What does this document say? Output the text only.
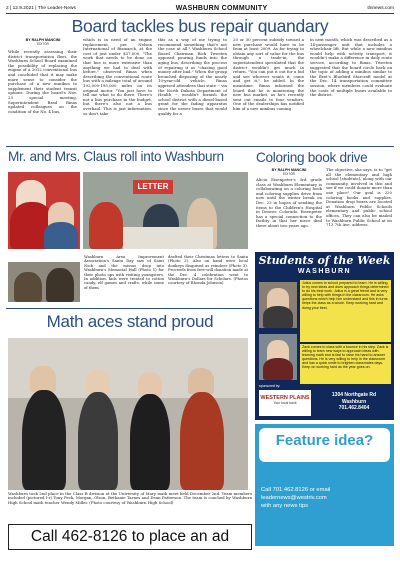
2 | 12.9.2021 | The Leader-News	WASHBURN COMMUNITY	tlnnews.com
Board tackles bus repair quandary
BY RALPH MANCINI
EDITOR
While recently assessing their district transportation fleet, the Washburn School Board examined the possibility of replacing the engine of a 2012 conventional bus and concluded that it may make more sense to consider the purchase of a new minibus to supplement their student transit options. During the board's Nov. 23 special meeting, Superintendent Brad Rinas updated colleagues on the condition of the No. 4 bus,
which is in need of an engine replacement, per Nelson International of Bismarck, at the cost of just under $37,000. "The work that needs to be done on that bus is more extensive than anything we had to deal with before," observed Rinas when describing the conventional route bus with a mileage total of around 192,000-195,000 miles on its original motor. "You just have to tell me what to do there. There's not a bus purchase in the budget, but there's also not a bus overhaul. This is just information, so don't take
this as a way of me trying to recommend something that's not the case at all." Washburn School Board Chairman Rick Tweeten opposed pouring funds into the aging bus, describing the process of repairing it as "chasing good money after bad." When the group broached disposing of the nearly 10-year-old vehicle, Rinas apprised attendees that state -- via the North Dakota Department of Health -- wouldn't furnish the school district with a diesel-based grant for the fading apparatus since the newer buses that would qualify for a
20 or 30 percent subsidy toward a new purchase would have to be from at least 2009. As for trying to obtain any sort of value for the bus through a trade-in, the superintendent speculated that the district wouldn't get much in return. "You can put it out for a bid and see whoever wants it, come and get it," he added. In the meantime, Rinas informed the board that he is monitoring the new bus market, as he's recently sent out emails to four vendors. One of the dealerships has notified him of a new minibus coming
in next month, which was described as a 14-passenger unit that includes a wheelchair lift. But while a new minibus would help with activity transport, it wouldn't make a difference in daily route service, according to Rinas. Tweeten suggested that the board circle back on the topic of adding a minibus similar to the fleet's Bluebird Starcraft model at the Dec. 14 transportation committee session, where members could evaluate the costs of multiple buses available to the district.
Mr. and Mrs. Claus roll into Washburn
LETTER
Washburn Area Improvement Association's Santa Day saw of Saint Nick and the missus drop into Washburn's Memorial Hall (Photo 1) for their photo ops with visiting youngsters. In addition, kids were treated to cotton candy, elf games and crafts, while some of them
drafted their Christmas letters to Santa (Photo 2). Also on hand were local donkeys disguised as reindeer (Photo 3). Proceeds from free-will donation made at the Dec. 4 celebration went to Washburn's Dollars for Scholars. (Photos courtesy of Rhonda Johnson)
Coloring book drive
BY RALPH MANCINI
EDITOR
Alicia Eisenpeter's 3rd grade class at Washburn Elementary is collaborating on a coloring book and coloring supplies drive from now until the winter break on Dec. 23 in hopes of sending the items to the Children's Hospital in Denver, Colorado. Eisenpeter has a special connection to the facility in that her niece died there about two years ago.
The objective, she says, is to "get all the elementary and high school [students], along with our community, involved in this and see if we could donate more than one place" Our goal is 220 coloring books and supplies. Donation drop boxes are located at Washburn Public Schools elementary and public school offices. They can also be mailed to Washburn Public School at its 713 7th Ave. address.
Students of the Week
WASHBURN
Julius comes to school prepared to learn. He is willing to try new ideas and does approach things determined to do his best work. Julius is a great friend and is very willing to help with things in the classroom. He asks questions which help him understand and this in turns helps the class as a whole. Keep working hard and doing your best.
Zack comes to class with a bounce in his step. Zack is willing to learn new ways to approach ideas with learning math and is fast to raise his hand to answer questions. He is very willing to help in the classroom and has a quick smile to brighten classmates days. Keep on working hard as the year goes on.
sponsored by:
WESTERN PLAINS
Your local bank
1304 Northgate Rd
Washburn
701.462.8404
Math aces stand proud
Washburn took 2nd place in the Class B division at the University of Mary math meet held December 2nd. Team members included (pictured l-r) Tony Peck, Morgan, Olson, Bethanie Tarnes and Dean Patterson. The team is coached by Washburn High School math teacher Wendy Miller. (Photo courtesy of Washburn High School)
Feature idea?
Call 701.462.8126 or email
leadernews@westriv.com
with any news tips
Call 462-8126 to place an ad
